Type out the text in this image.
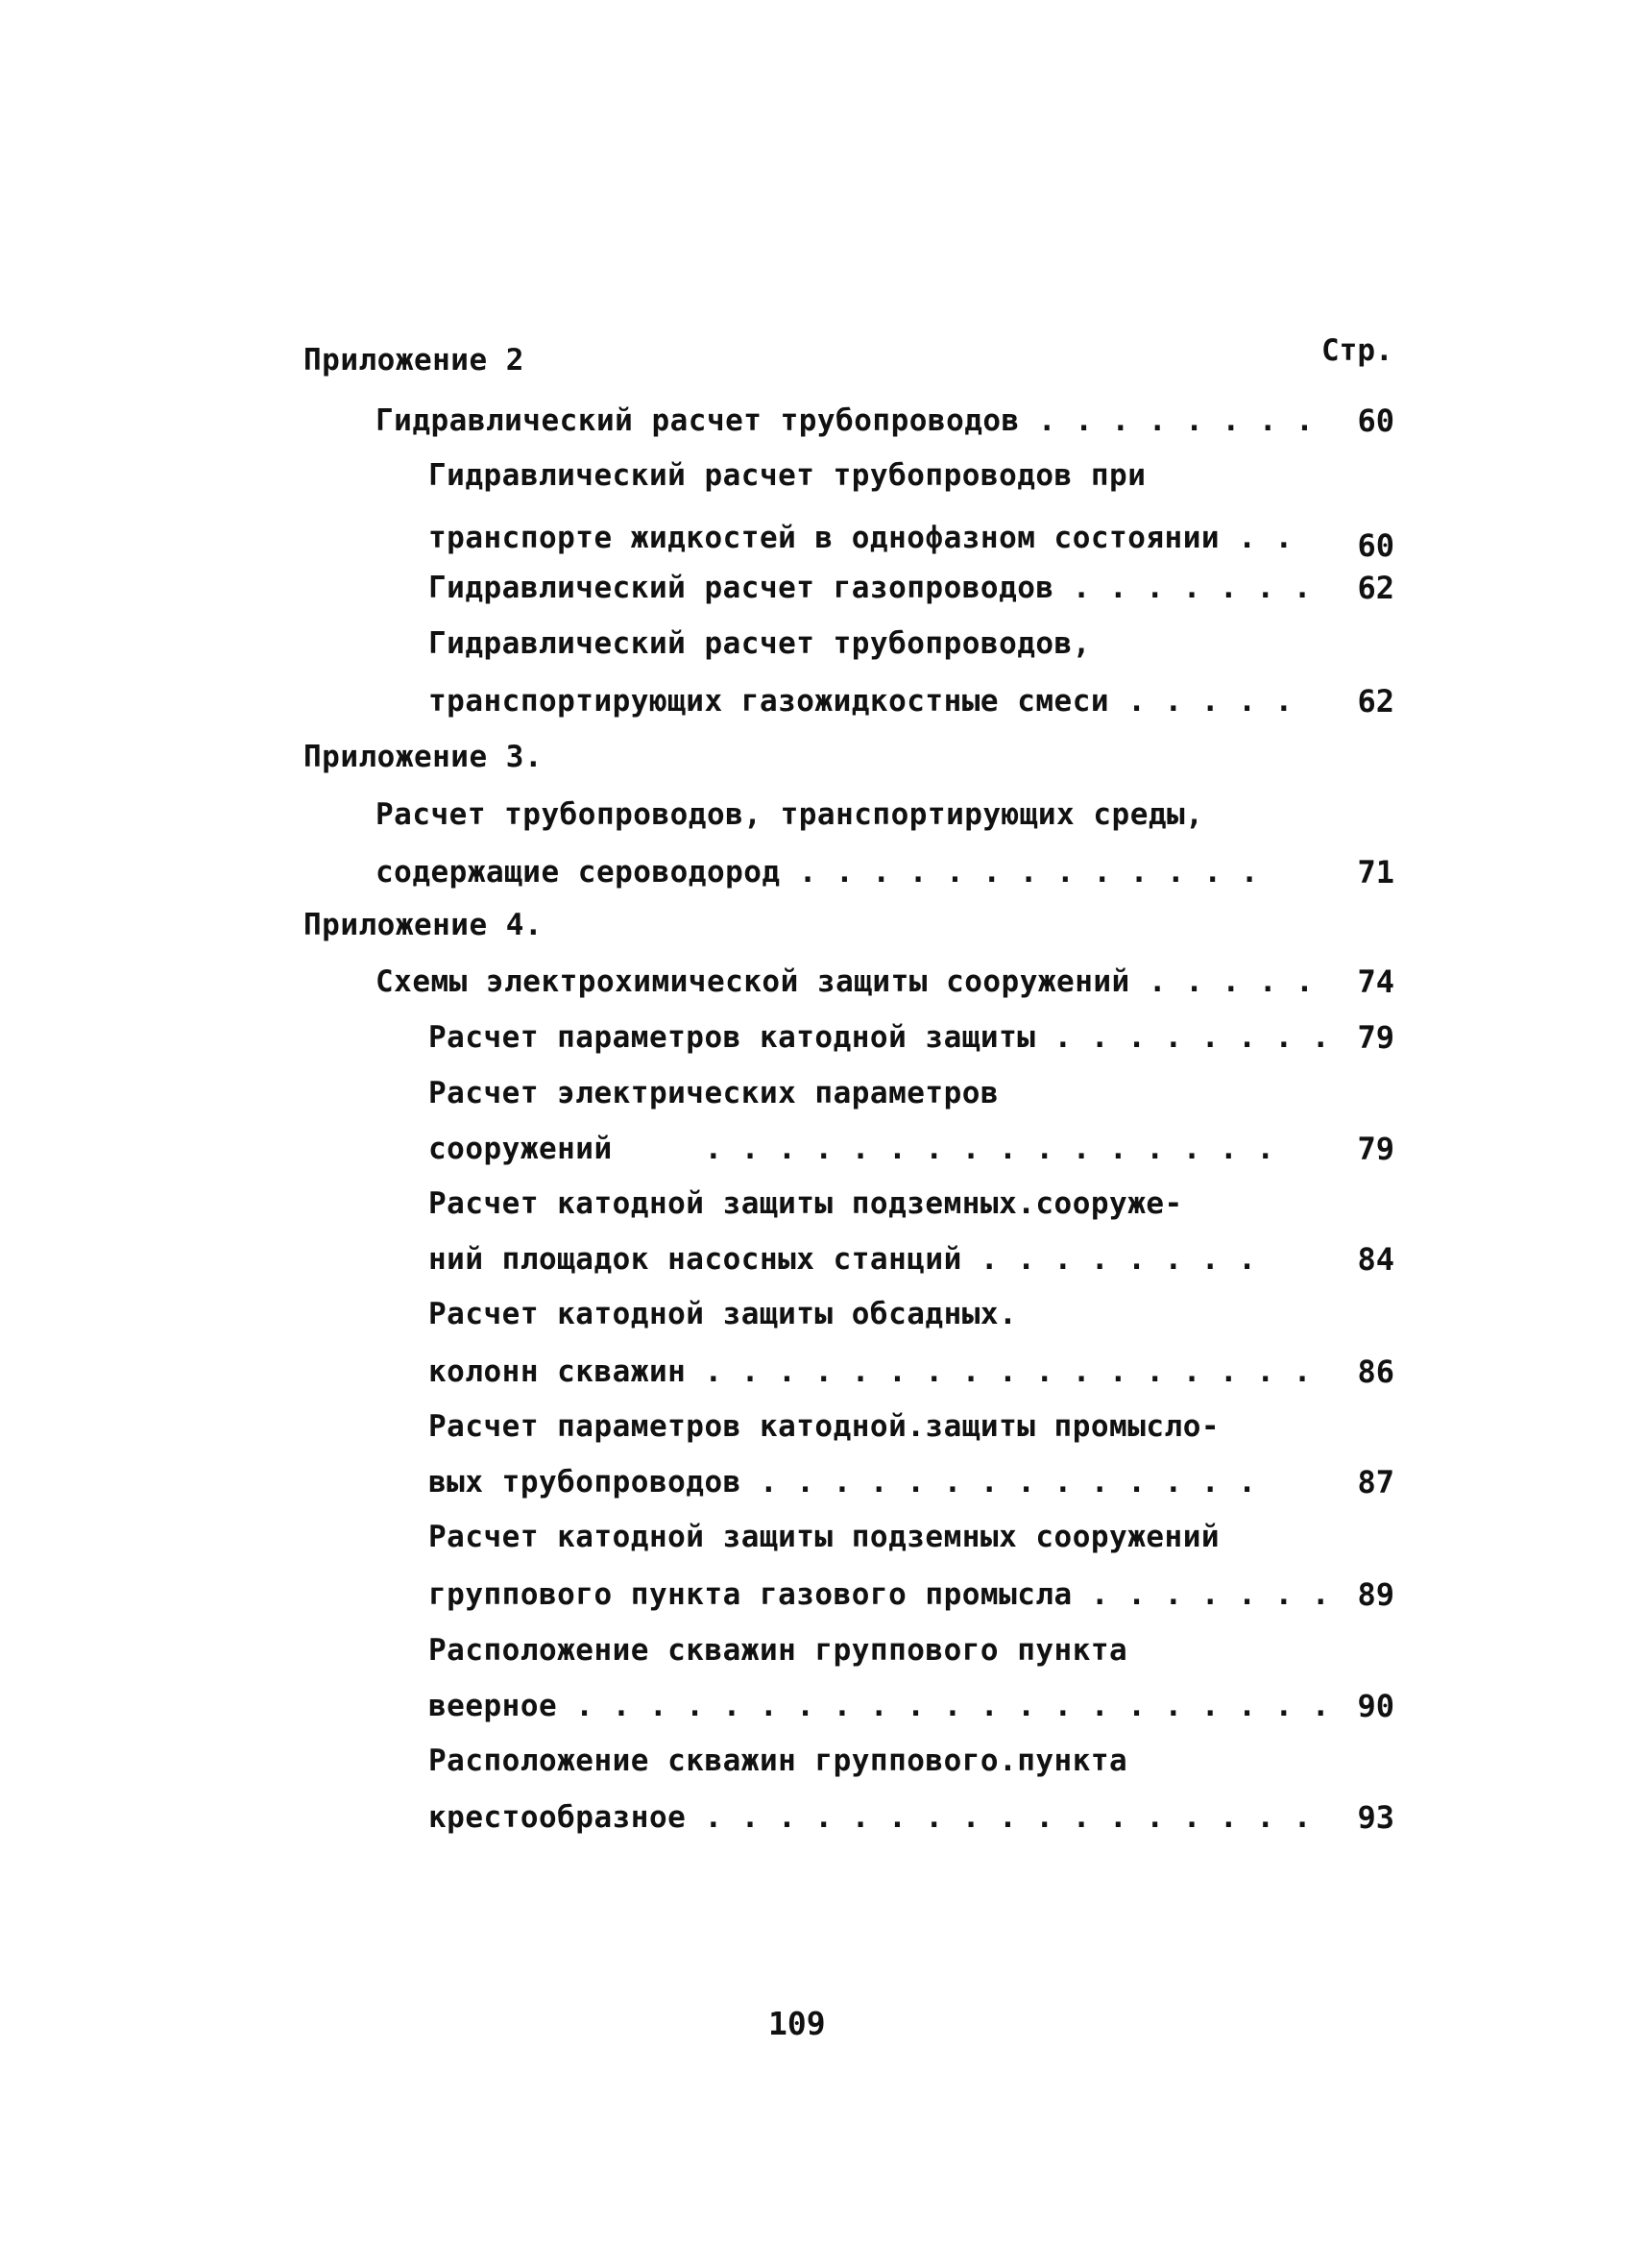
Стр.
Приложение 2
Гидравлический расчет трубопроводов . . . . . . . .	60
Гидравлический расчет трубопроводов при
транспорте жидкостей в однофазном состоянии . .	60
Гидравлический расчет газопроводов . . . . . . .	62
Гидравлический расчет трубопроводов,
транспортирующих газожидкостные смеси . . . . .	62
Приложение 3.
Расчет трубопроводов, транспортирующих среды,
содержащие сероводород . . . . . . . . . . . . .	71
Приложение 4.
Схемы электрохимической защиты сооружений . . . . .	74
Расчет параметров катодной защиты . . . . . . . . 79
Расчет электрических параметров
сооружений     . . . . . . . . . . . . . . . .	79
Расчет катодной защиты подземных.сооруже-
ний площадок насосных станций . . . . . . . .	84
Расчет катодной защиты обсадных.
колонн скважин . . . . . . . . . . . . . . . . .	86
Расчет параметров катодной.защиты промысло-
вых трубопроводов . . . . . . . . . . . . . .	87
Расчет катодной защиты подземных сооружений
группового пункта газового промысла . . . . . . . 89
Расположение скважин группового пункта
веерное . . . . . . . . . . . . . . . . . . . . . 90
Расположение скважин группового.пункта
крестообразное . . . . . . . . . . . . . . . . .	93
109
